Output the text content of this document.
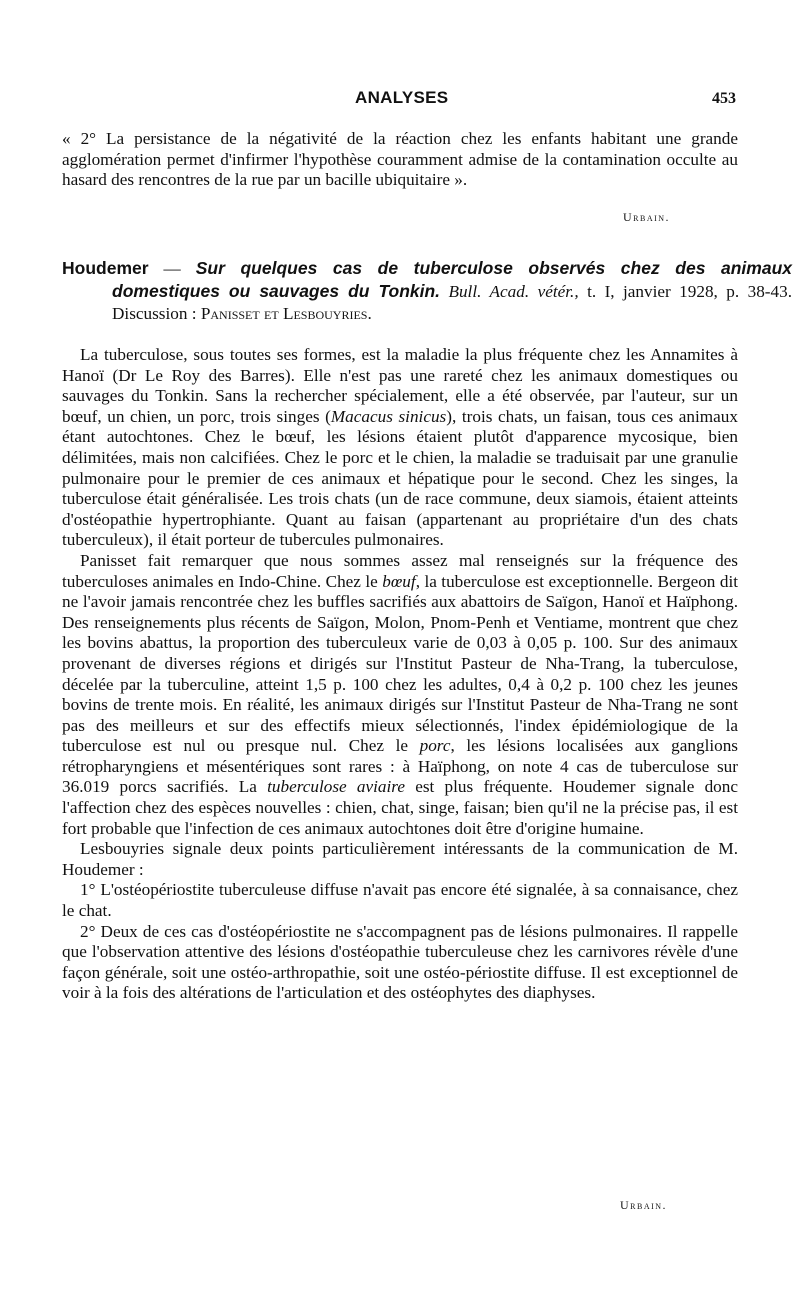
ANALYSES	453
« 2° La persistance de la négativité de la réaction chez les enfants habitant une grande agglomération permet d'infirmer l'hypothèse couramment admise de la contamination occulte au hasard des rencontres de la rue par un bacille ubiquitaire ».
Urbain.
Houdemer — Sur quelques cas de tuberculose observés chez des animaux domestiques ou sauvages du Tonkin. Bull. Acad. vétér., t. I, janvier 1928, p. 38-43. Discussion : Panisset et Lesbouyries.

La tuberculose, sous toutes ses formes, est la maladie la plus fréquente chez les Annamites à Hanoï (Dr Le Roy des Barres). Elle n'est pas une rareté chez les animaux domestiques ou sauvages du Tonkin. Sans la rechercher spécialement, elle a été observée, par l'auteur, sur un bœuf, un chien, un porc, trois singes (Macacus sinicus), trois chats, un faisan, tous ces animaux étant autochtones. Chez le bœuf, les lésions étaient plutôt d'apparence mycosique, bien délimitées, mais non calcifiées. Chez le porc et le chien, la maladie se traduisait par une granulie pulmonaire pour le premier de ces animaux et hépatique pour le second. Chez les singes, la tuberculose était généralisée. Les trois chats (un de race commune, deux siamois, étaient atteints d'ostéopathie hypertrophiante. Quant au faisan (appartenant au propriétaire d'un des chats tuberculeux), il était porteur de tubercules pulmonaires.

Panisset fait remarquer que nous sommes assez mal renseignés sur la fréquence des tuberculoses animales en Indo-Chine. Chez le bœuf, la tuberculose est exceptionnelle. Bergeon dit ne l'avoir jamais rencontrée chez les buffles sacrifiés aux abattoirs de Saïgon, Hanoï et Haïphong. Des renseignements plus récents de Saïgon, Molon, Pnom-Penh et Ventiame, montrent que chez les bovins abattus, la proportion des tuberculeux varie de 0,03 à 0,05 p. 100. Sur des animaux provenant de diverses régions et dirigés sur l'Institut Pasteur de Nha-Trang, la tuberculose, décelée par la tuberculine, atteint 1,5 p. 100 chez les adultes, 0,4 à 0,2 p. 100 chez les jeunes bovins de trente mois. En réalité, les animaux dirigés sur l'Institut Pasteur de Nha-Trang ne sont pas des meilleurs et sur des effectifs mieux sélectionnés, l'index épidémiologique de la tuberculose est nul ou presque nul. Chez le porc, les lésions localisées aux ganglions rétropharyngiens et mésentériques sont rares : à Haïphong, on note 4 cas de tuberculose sur 36.019 porcs sacrifiés. La tuberculose aviaire est plus fréquente. Houdemer signale donc l'affection chez des espèces nouvelles : chien, chat, singe, faisan; bien qu'il ne la précise pas, il est fort probable que l'infection de ces animaux autochtones doit être d'origine humaine.

Lesbouyries signale deux points particulièrement intéressants de la communication de M. Houdemer :

1° L'ostéopériostite tuberculeuse diffuse n'avait pas encore été signalée, à sa connaisance, chez le chat.

2° Deux de ces cas d'ostéopériostite ne s'accompagnent pas de lésions pulmonaires. Il rappelle que l'observation attentive des lésions d'ostéopathie tuberculeuse chez les carnivores révèle d'une façon générale, soit une ostéo-arthropathie, soit une ostéo-périostite diffuse. Il est exceptionnel de voir à la fois des altérations de l'articulation et des ostéophytes des diaphyses.

Urbain.
